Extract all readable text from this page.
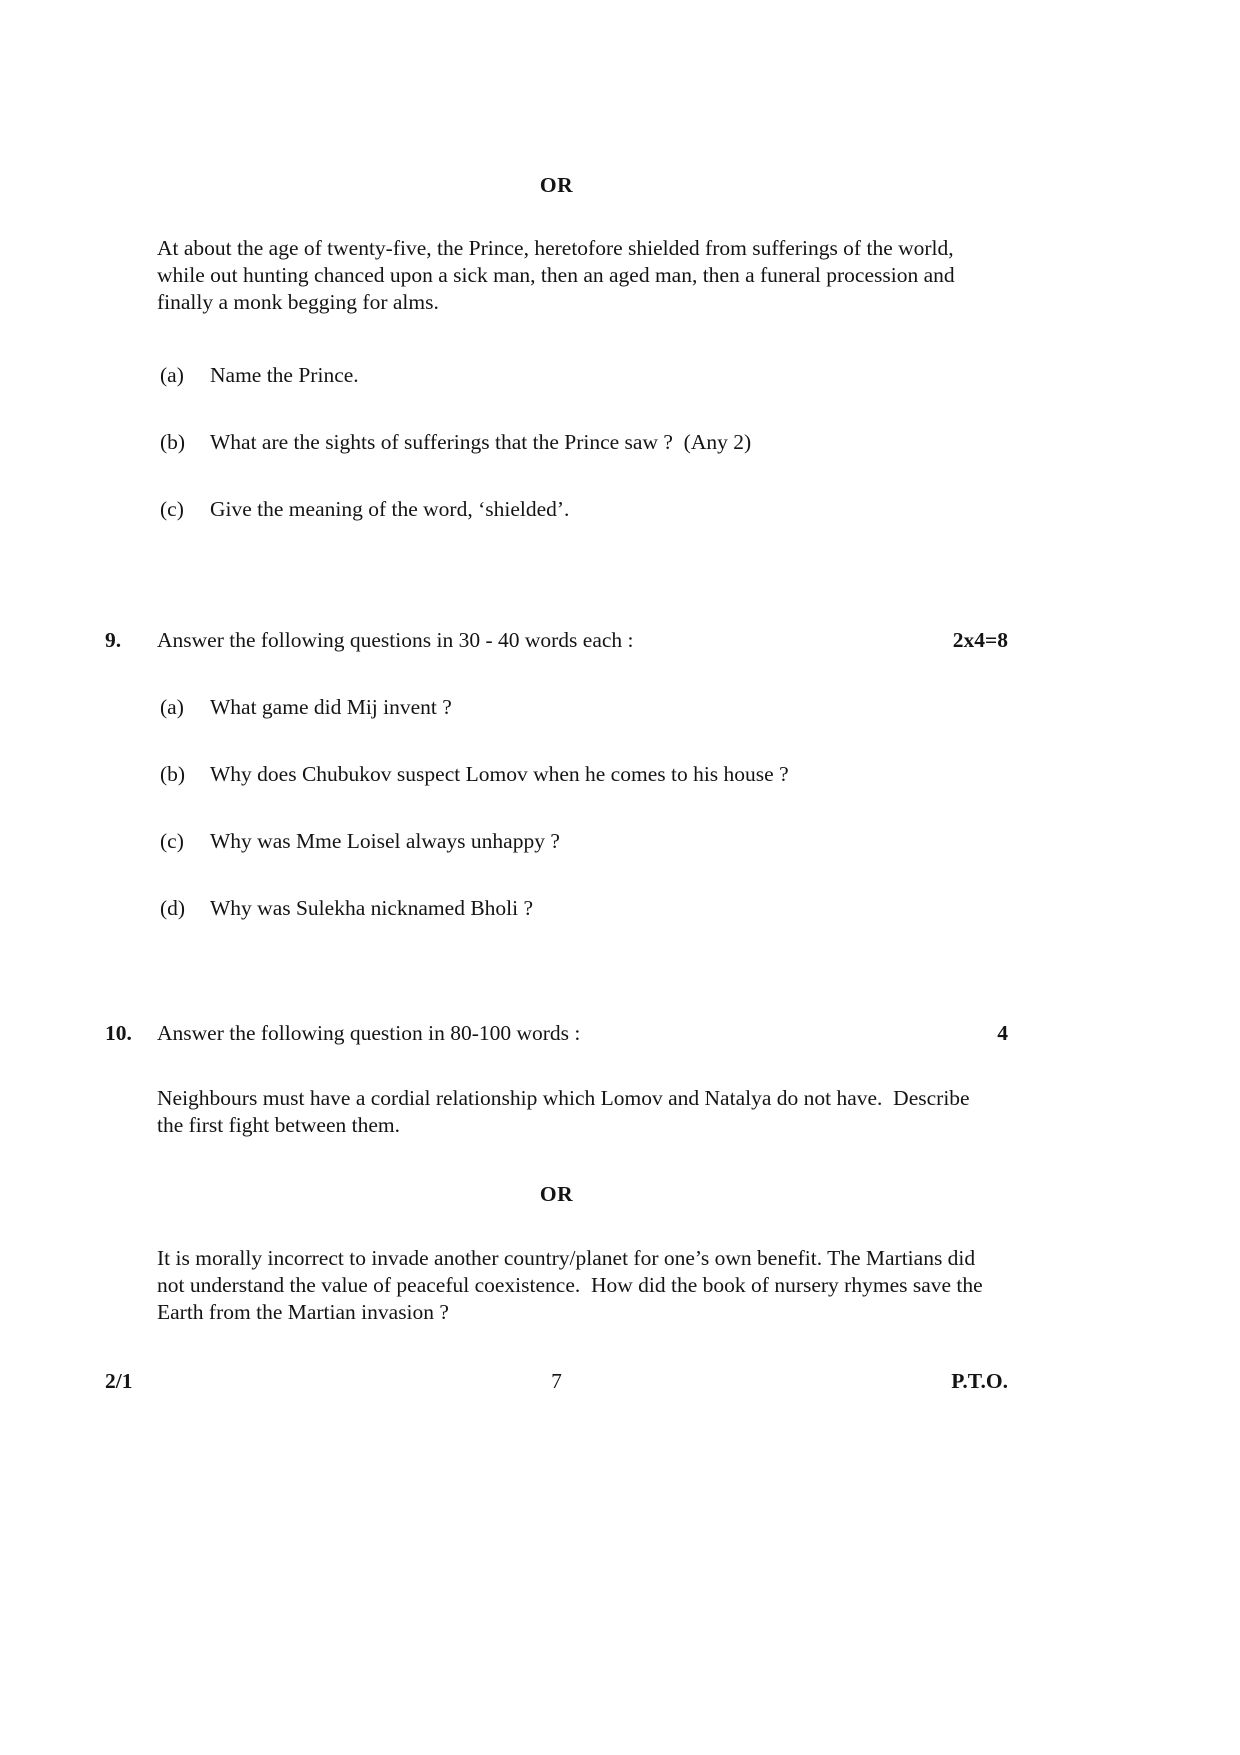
OR
At about the age of twenty-five, the Prince, heretofore shielded from sufferings of the world, while out hunting chanced upon a sick man, then an aged man, then a funeral procession and finally a monk begging for alms.
(a)	Name the Prince.
(b)	What are the sights of sufferings that the Prince saw ?  (Any 2)
(c)	Give the meaning of the word, ‘shielded’.
9.	Answer the following questions in 30 - 40 words each :	2x4=8
(a)	What game did Mij invent ?
(b)	Why does Chubukov suspect Lomov when he comes to his house ?
(c)	Why was Mme Loisel always unhappy ?
(d)	Why was Sulekha nicknamed Bholi ?
10.	Answer the following question in 80-100 words :	4
Neighbours must have a cordial relationship which Lomov and Natalya do not have.  Describe the first fight between them.
OR
It is morally incorrect to invade another country/planet for one’s own benefit. The Martians did not understand the value of peaceful coexistence.  How did the book of nursery rhymes save the Earth from the Martian invasion ?
7
2/1	P.T.O.
